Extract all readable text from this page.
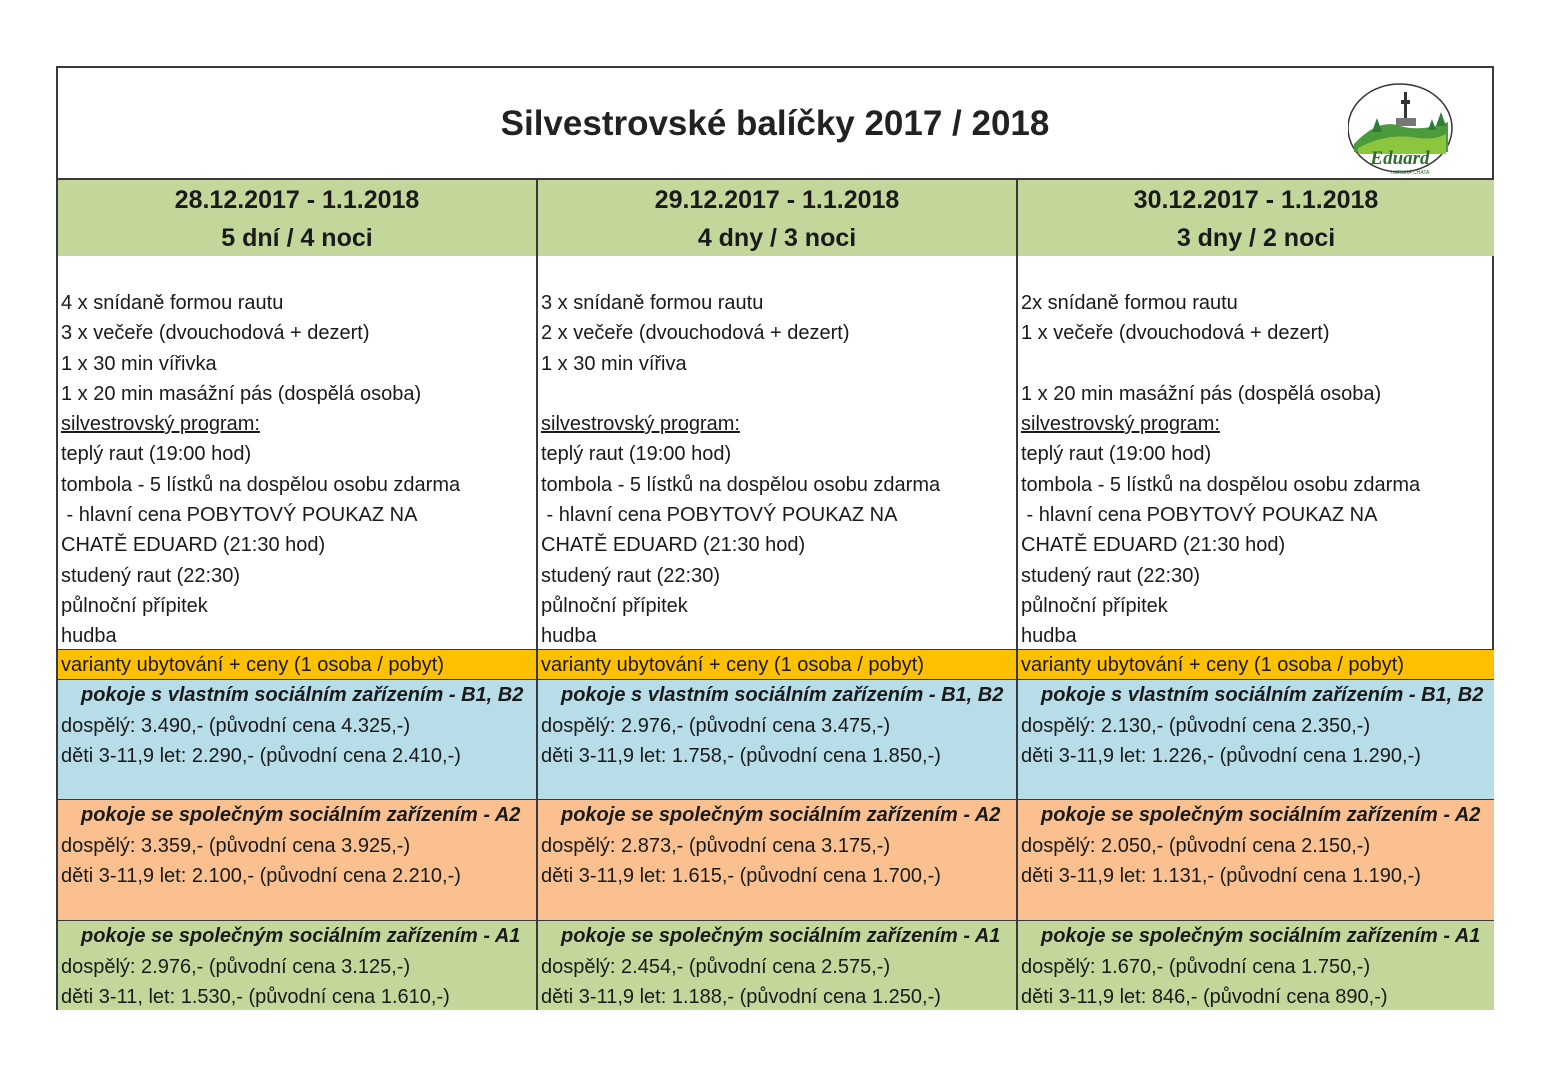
Silvestrovské balíčky 2017 / 2018
Eduard
HORSKÁ CHATA
28.12.2017 - 1.1.2018
5 dní / 4 noci
4 x snídaně formou rautu
3 x večeře (dvouchodová + dezert)
1 x 30 min vířivka
1 x 20 min masážní pás (dospělá osoba)
silvestrovský program:
teplý raut (19:00 hod)
tombola - 5 lístků na dospělou osobu zdarma
- hlavní cena POBYTOVÝ POUKAZ NA
CHATĚ EDUARD (21:30 hod)
studený raut (22:30)
půlnoční přípitek
hudba
varianty ubytování + ceny (1 osoba / pobyt)
pokoje s vlastním sociálním zařízením - B1, B2
dospělý: 3.490,- (původní cena 4.325,-)
děti 3-11,9 let: 2.290,- (původní cena 2.410,-)
pokoje se společným sociálním zařízením - A2
dospělý: 3.359,- (původní cena 3.925,-)
děti 3-11,9 let: 2.100,- (původní cena 2.210,-)
pokoje se společným sociálním zařízením - A1
dospělý: 2.976,- (původní cena 3.125,-)
děti 3-11, let: 1.530,- (původní cena 1.610,-)
29.12.2017 - 1.1.2018
4 dny / 3 noci
3 x snídaně formou rautu
2 x večeře (dvouchodová + dezert)
1 x 30 min vířiva
silvestrovský program:
teplý raut (19:00 hod)
tombola - 5 lístků na dospělou osobu zdarma
- hlavní cena POBYTOVÝ POUKAZ NA
CHATĚ EDUARD (21:30 hod)
studený raut (22:30)
půlnoční přípitek
hudba
varianty ubytování + ceny (1 osoba / pobyt)
pokoje s vlastním sociálním zařízením - B1, B2
dospělý: 2.976,- (původní cena 3.475,-)
děti 3-11,9 let: 1.758,- (původní cena 1.850,-)
pokoje se společným sociálním zařízením - A2
dospělý: 2.873,- (původní cena 3.175,-)
děti 3-11,9 let: 1.615,- (původní cena 1.700,-)
pokoje se společným sociálním zařízením - A1
dospělý: 2.454,- (původní cena 2.575,-)
děti 3-11,9 let: 1.188,- (původní cena 1.250,-)
30.12.2017 - 1.1.2018
3 dny / 2 noci
2x snídaně formou rautu
1 x večeře (dvouchodová + dezert)
1 x 20 min masážní pás (dospělá osoba)
silvestrovský program:
teplý raut (19:00 hod)
tombola - 5 lístků na dospělou osobu zdarma
- hlavní cena POBYTOVÝ POUKAZ NA
CHATĚ EDUARD (21:30 hod)
studený raut (22:30)
půlnoční přípitek
hudba
varianty ubytování + ceny (1 osoba / pobyt)
pokoje s vlastním sociálním zařízením - B1, B2
dospělý: 2.130,- (původní cena 2.350,-)
děti 3-11,9 let: 1.226,- (původní cena 1.290,-)
pokoje se společným sociálním zařízením - A2
dospělý: 2.050,- (původní cena 2.150,-)
děti 3-11,9 let: 1.131,- (původní cena 1.190,-)
pokoje se společným sociálním zařízením - A1
dospělý: 1.670,- (původní cena 1.750,-)
děti 3-11,9 let: 846,- (původní cena 890,-)
